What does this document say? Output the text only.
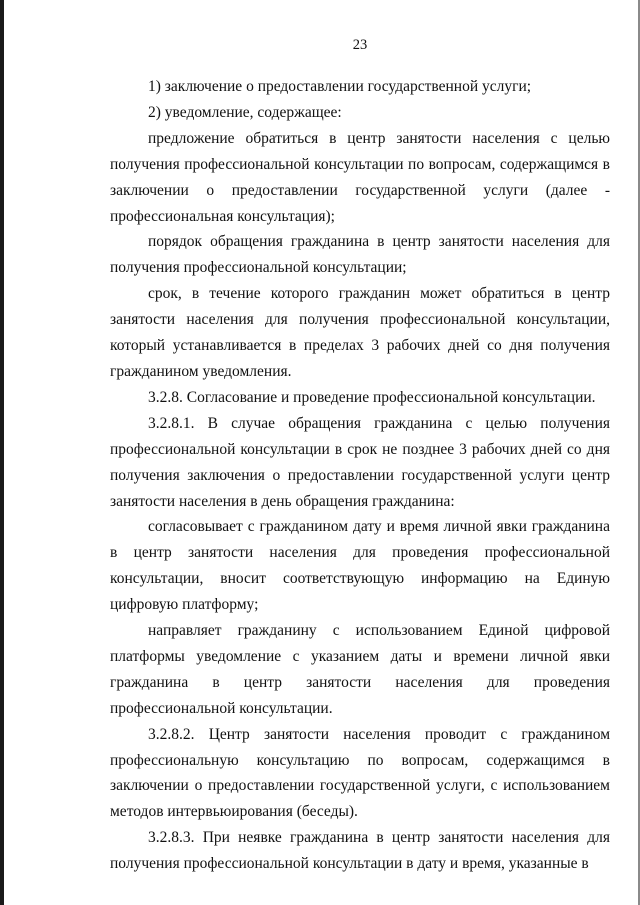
23

1) заключение о предоставлении государственной услуги;

2) уведомление, содержащее:

предложение обратиться в центр занятости населения с целью получения профессиональной консультации по вопросам, содержащимся в заключении о предоставлении государственной услуги (далее - профессиональная консультация);

порядок обращения гражданина в центр занятости населения для получения профессиональной консультации;

срок, в течение которого гражданин может обратиться в центр занятости населения для получения профессиональной консультации, который устанавливается в пределах 3 рабочих дней со дня получения гражданином уведомления.

3.2.8. Согласование и проведение профессиональной консультации.

3.2.8.1. В случае обращения гражданина с целью получения профессиональной консультации в срок не позднее 3 рабочих дней со дня получения заключения о предоставлении государственной услуги центр занятости населения в день обращения гражданина:

согласовывает с гражданином дату и время личной явки гражданина в центр занятости населения для проведения профессиональной консультации, вносит соответствующую информацию на Единую цифровую платформу;

направляет гражданину с использованием Единой цифровой платформы уведомление с указанием даты и времени личной явки гражданина в центр занятости населения для проведения профессиональной консультации.

3.2.8.2. Центр занятости населения проводит с гражданином профессиональную консультацию по вопросам, содержащимся в заключении о предоставлении государственной услуги, с использованием методов интервьюирования (беседы).

3.2.8.3. При неявке гражданина в центр занятости населения для получения профессиональной консультации в дату и время, указанные в
